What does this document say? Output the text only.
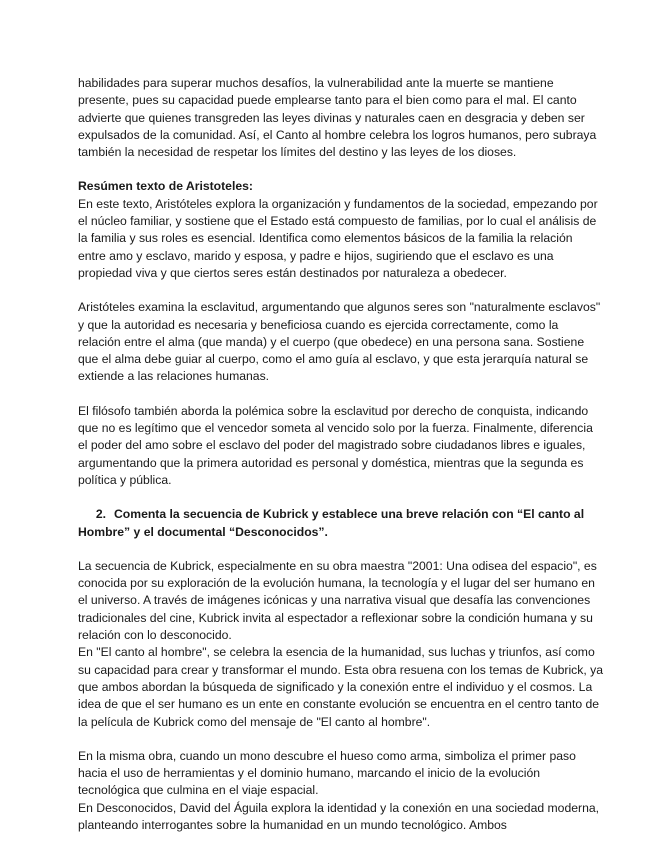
habilidades para superar muchos desafíos, la vulnerabilidad ante la muerte se mantiene presente, pues su capacidad puede emplearse tanto para el bien como para el mal. El canto advierte que quienes transgreden las leyes divinas y naturales caen en desgracia y deben ser expulsados de la comunidad. Así, el Canto al hombre celebra los logros humanos, pero subraya también la necesidad de respetar los límites del destino y las leyes de los dioses.

Resúmen texto de Aristoteles:

En este texto, Aristóteles explora la organización y fundamentos de la sociedad, empezando por el núcleo familiar, y sostiene que el Estado está compuesto de familias, por lo cual el análisis de la familia y sus roles es esencial. Identifica como elementos básicos de la familia la relación entre amo y esclavo, marido y esposa, y padre e hijos, sugiriendo que el esclavo es una propiedad viva y que ciertos seres están destinados por naturaleza a obedecer.

Aristóteles examina la esclavitud, argumentando que algunos seres son "naturalmente esclavos" y que la autoridad es necesaria y beneficiosa cuando es ejercida correctamente, como la relación entre el alma (que manda) y el cuerpo (que obedece) en una persona sana. Sostiene que el alma debe guiar al cuerpo, como el amo guía al esclavo, y que esta jerarquía natural se extiende a las relaciones humanas.

El filósofo también aborda la polémica sobre la esclavitud por derecho de conquista, indicando que no es legítimo que el vencedor someta al vencido solo por la fuerza. Finalmente, diferencia el poder del amo sobre el esclavo del poder del magistrado sobre ciudadanos libres e iguales, argumentando que la primera autoridad es personal y doméstica, mientras que la segunda es política y pública.

2. Comenta la secuencia de Kubrick y establece una breve relación con “El canto al

Hombre” y el documental “Desconocidos”.

La secuencia de Kubrick, especialmente en su obra maestra "2001: Una odisea del espacio", es conocida por su exploración de la evolución humana, la tecnología y el lugar del ser humano en el universo. A través de imágenes icónicas y una narrativa visual que desafía las convenciones tradicionales del cine, Kubrick invita al espectador a reflexionar sobre la condición humana y su relación con lo desconocido.

En "El canto al hombre", se celebra la esencia de la humanidad, sus luchas y triunfos, así como su capacidad para crear y transformar el mundo. Esta obra resuena con los temas de Kubrick, ya que ambos abordan la búsqueda de significado y la conexión entre el individuo y el cosmos. La idea de que el ser humano es un ente en constante evolución se encuentra en el centro tanto de la película de Kubrick como del mensaje de "El canto al hombre".

En la misma obra, cuando un mono descubre el hueso como arma, simboliza el primer paso hacia el uso de herramientas y el dominio humano, marcando el inicio de la evolución tecnológica que culmina en el viaje espacial.

En Desconocidos, David del Águila explora la identidad y la conexión en una sociedad moderna, planteando interrogantes sobre la humanidad en un mundo tecnológico. Ambos
